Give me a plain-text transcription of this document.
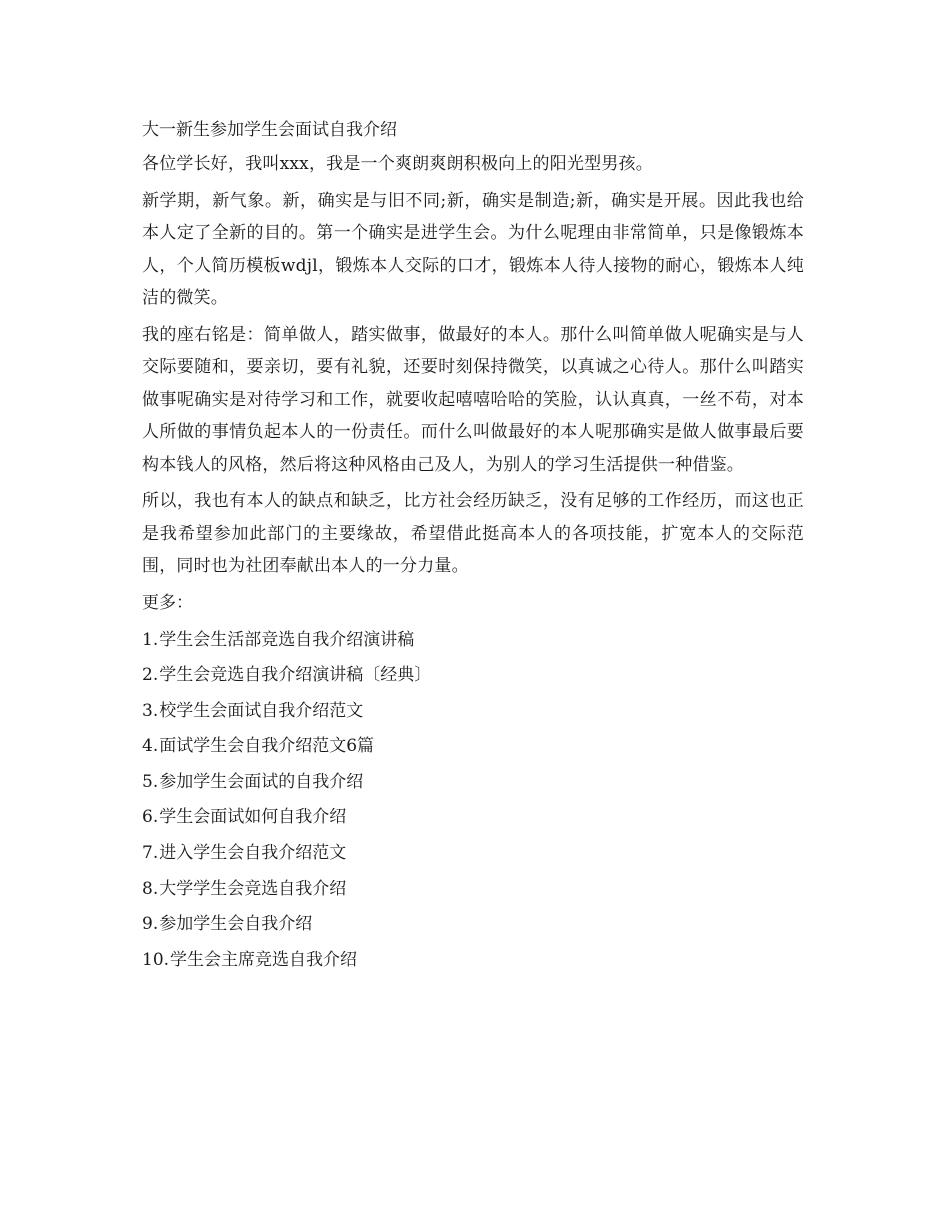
大一新生参加学生会面试自我介绍

各位学长好，我叫xxx，我是一个爽朗爽朗积极向上的阳光型男孩。

新学期，新气象。新，确实是与旧不同;新，确实是制造;新，确实是开展。因此我也给本人定了全新的目的。第一个确实是进学生会。为什么呢理由非常简单，只是像锻炼本人，个人简历模板wdjl，锻炼本人交际的口才，锻炼本人待人接物的耐心，锻炼本人纯洁的微笑。

我的座右铭是：简单做人，踏实做事，做最好的本人。那什么叫简单做人呢确实是与人交际要随和，要亲切，要有礼貌，还要时刻保持微笑，以真诚之心待人。那什么叫踏实做事呢确实是对待学习和工作，就要收起嘻嘻哈哈的笑脸，认认真真，一丝不苟，对本人所做的事情负起本人的一份责任。而什么叫做最好的本人呢那确实是做人做事最后要构本钱人的风格，然后将这种风格由己及人，为别人的学习生活提供一种借鉴。

所以，我也有本人的缺点和缺乏，比方社会经历缺乏，没有足够的工作经历，而这也正是我希望参加此部门的主要缘故，希望借此挺高本人的各项技能，扩宽本人的交际范围，同时也为社团奉献出本人的一分力量。

更多：

1.学生会生活部竞选自我介绍演讲稿
2.学生会竞选自我介绍演讲稿〔经典〕
3.校学生会面试自我介绍范文
4.面试学生会自我介绍范文6篇
5.参加学生会面试的自我介绍
6.学生会面试如何自我介绍
7.进入学生会自我介绍范文
8.大学学生会竞选自我介绍
9.参加学生会自我介绍
10.学生会主席竞选自我介绍
